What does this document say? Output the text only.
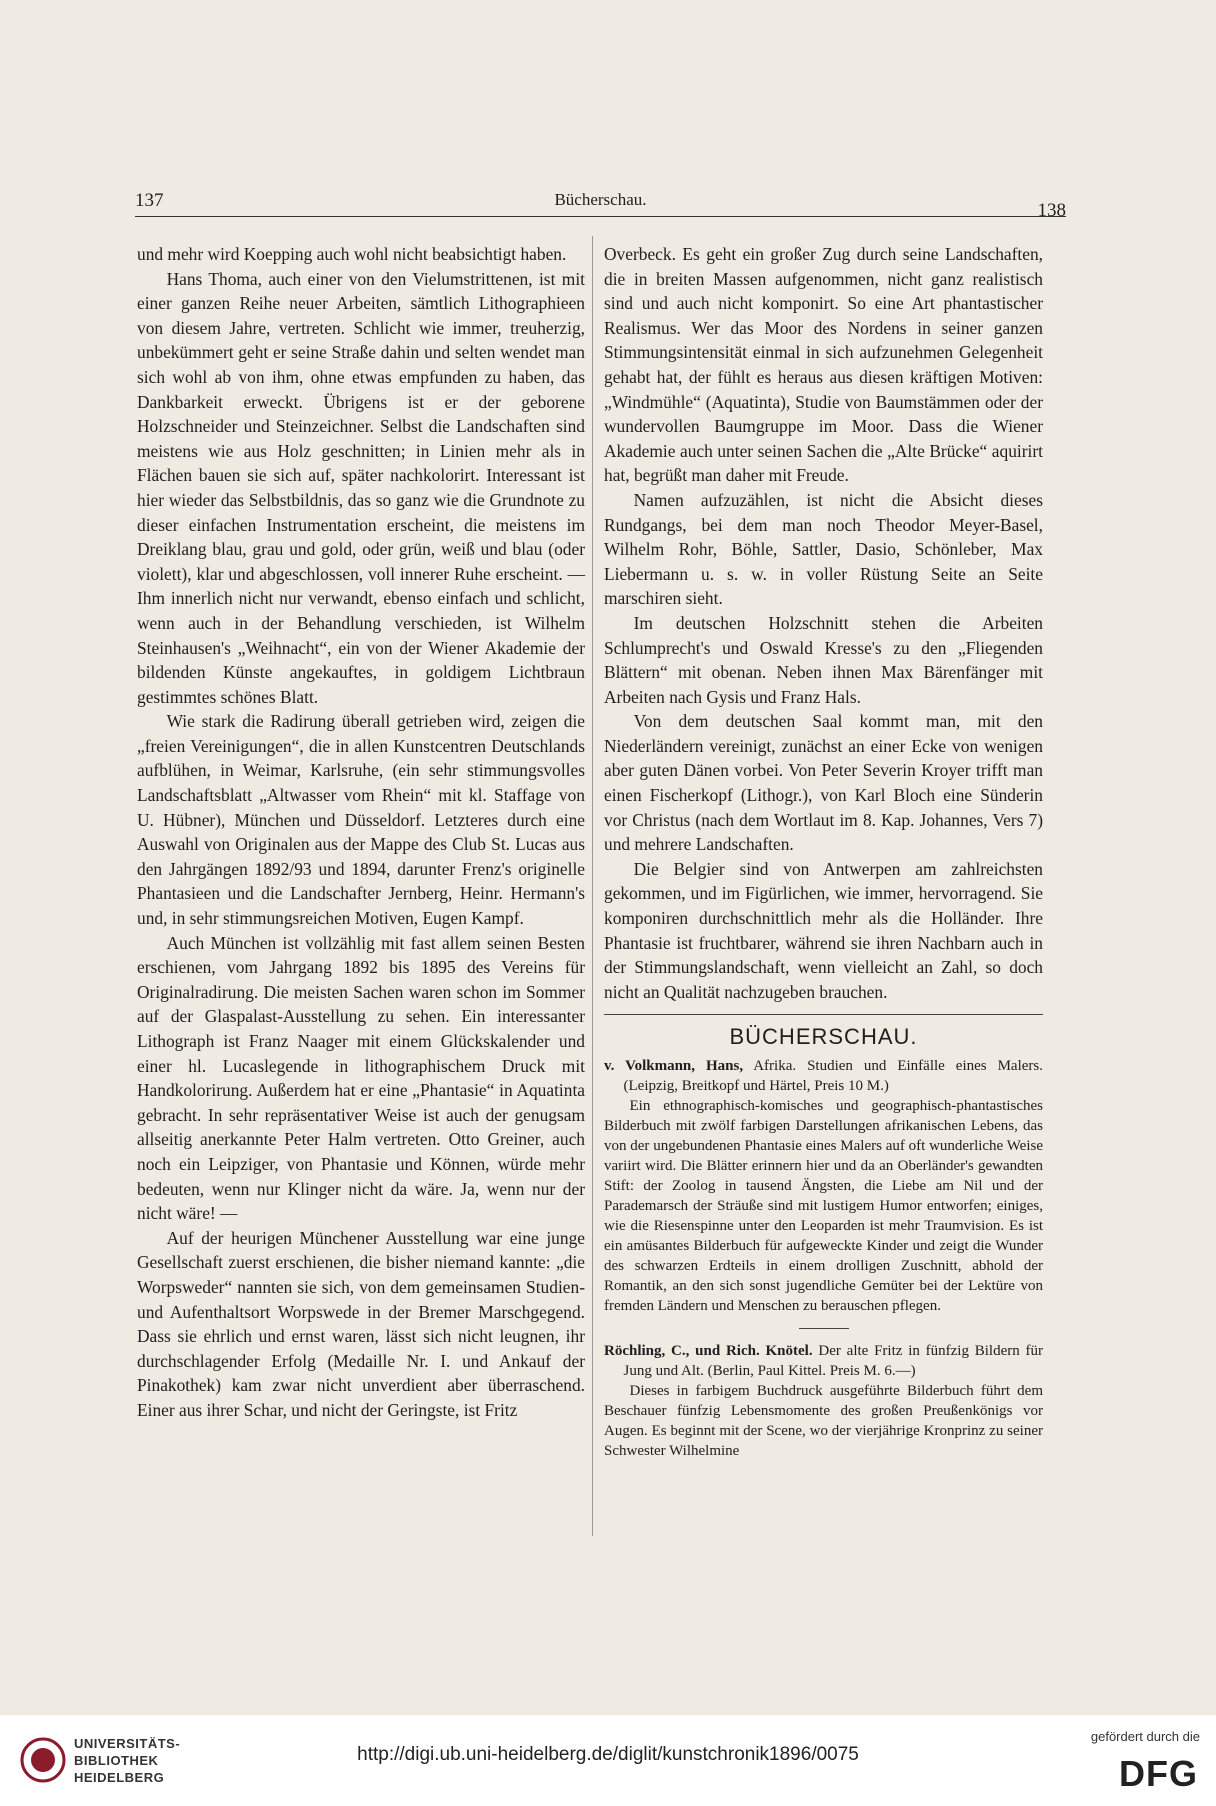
137	Bücherschau.
138

und mehr wird Koepping auch wohl nicht beabsichtigt haben.

Hans Thoma, auch einer von den Vielumstrittenen, ist mit einer ganzen Reihe neuer Arbeiten, sämtlich Lithographieen von diesem Jahre, vertreten. Schlicht wie immer, treuherzig, unbekümmert geht er seine Straße dahin und selten wendet man sich wohl ab von ihm, ohne etwas empfunden zu haben, das Dankbarkeit erweckt. Übrigens ist er der geborene Holzschneider und Steinzeichner. Selbst die Landschaften sind meistens wie aus Holz geschnitten; in Linien mehr als in Flächen bauen sie sich auf, später nachkolorirt. Interessant ist hier wieder das Selbstbildnis, das so ganz wie die Grundnote zu dieser einfachen Instrumentation erscheint, die meistens im Dreiklang blau, grau und gold, oder grün, weiß und blau (oder violett), klar und abgeschlossen, voll innerer Ruhe erscheint. — Ihm innerlich nicht nur verwandt, ebenso einfach und schlicht, wenn auch in der Behandlung verschieden, ist Wilhelm Steinhausen's „Weihnacht“, ein von der Wiener Akademie der bildenden Künste angekauftes, in goldigem Lichtbraun gestimmtes schönes Blatt.

Wie stark die Radirung überall getrieben wird, zeigen die „freien Vereinigungen“, die in allen Kunstcentren Deutschlands aufblühen, in Weimar, Karlsruhe, (ein sehr stimmungsvolles Landschaftsblatt „Altwasser vom Rhein“ mit kl. Staffage von U. Hübner), München und Düsseldorf. Letzteres durch eine Auswahl von Originalen aus der Mappe des Club St. Lucas aus den Jahrgängen 1892/93 und 1894, darunter Frenz's originelle Phantasieen und die Landschafter Jernberg, Heinr. Hermann's und, in sehr stimmungsreichen Motiven, Eugen Kampf.

Auch München ist vollzählig mit fast allem seinen Besten erschienen, vom Jahrgang 1892 bis 1895 des Vereins für Originalradirung. Die meisten Sachen waren schon im Sommer auf der Glaspalast-Ausstellung zu sehen. Ein interessanter Lithograph ist Franz Naager mit einem Glückskalender und einer hl. Lucaslegende in lithographischem Druck mit Handkolorirung. Außerdem hat er eine „Phantasie“ in Aquatinta gebracht. In sehr repräsentativer Weise ist auch der genugsam allseitig anerkannte Peter Halm vertreten. Otto Greiner, auch noch ein Leipziger, von Phantasie und Können, würde mehr bedeuten, wenn nur Klinger nicht da wäre. Ja, wenn nur der nicht wäre! —

Auf der heurigen Münchener Ausstellung war eine junge Gesellschaft zuerst erschienen, die bisher niemand kannte: „die Worpsweder“ nannten sie sich, von dem gemeinsamen Studien- und Aufenthaltsort Worpswede in der Bremer Marschgegend. Dass sie ehrlich und ernst waren, lässt sich nicht leugnen, ihr durchschlagender Erfolg (Medaille Nr. I. und Ankauf der Pinakothek) kam zwar nicht unverdient aber überraschend. Einer aus ihrer Schar, und nicht der Geringste, ist Fritz

Overbeck. Es geht ein großer Zug durch seine Landschaften, die in breiten Massen aufgenommen, nicht ganz realistisch sind und auch nicht komponirt. So eine Art phantastischer Realismus. Wer das Moor des Nordens in seiner ganzen Stimmungsintensität einmal in sich aufzunehmen Gelegenheit gehabt hat, der fühlt es heraus aus diesen kräftigen Motiven: „Windmühle“ (Aquatinta), Studie von Baumstämmen oder der wundervollen Baumgruppe im Moor. Dass die Wiener Akademie auch unter seinen Sachen die „Alte Brücke“ aquirirt hat, begrüßt man daher mit Freude.

Namen aufzuzählen, ist nicht die Absicht dieses Rundgangs, bei dem man noch Theodor Meyer-Basel, Wilhelm Rohr, Böhle, Sattler, Dasio, Schönleber, Max Liebermann u. s. w. in voller Rüstung Seite an Seite marschiren sieht.

Im deutschen Holzschnitt stehen die Arbeiten Schlumprecht's und Oswald Kresse's zu den „Fliegenden Blättern“ mit obenan. Neben ihnen Max Bärenfänger mit Arbeiten nach Gysis und Franz Hals.

Von dem deutschen Saal kommt man, mit den Niederländern vereinigt, zunächst an einer Ecke von wenigen aber guten Dänen vorbei. Von Peter Severin Kroyer trifft man einen Fischerkopf (Lithogr.), von Karl Bloch eine Sünderin vor Christus (nach dem Wortlaut im 8. Kap. Johannes, Vers 7) und mehrere Landschaften.

Die Belgier sind von Antwerpen am zahlreichsten gekommen, und im Figürlichen, wie immer, hervorragend. Sie komponiren durchschnittlich mehr als die Holländer. Ihre Phantasie ist fruchtbarer, während sie ihren Nachbarn auch in der Stimmungslandschaft, wenn vielleicht an Zahl, so doch nicht an Qualität nachzugeben brauchen.

BÜCHERSCHAU.

v. Volkmann, Hans, Afrika. Studien und Einfälle eines Malers. (Leipzig, Breitkopf und Härtel, Preis 10 M.)

Ein ethnographisch-komisches und geographisch-phantastisches Bilderbuch mit zwölf farbigen Darstellungen afrikanischen Lebens, das von der ungebundenen Phantasie eines Malers auf oft wunderliche Weise variirt wird. Die Blätter erinnern hier und da an Oberländer's gewandten Stift: der Zoolog in tausend Ängsten, die Liebe am Nil und der Parademarsch der Sträuße sind mit lustigem Humor entworfen; einiges, wie die Riesenspinne unter den Leoparden ist mehr Traumvision. Es ist ein amüsantes Bilderbuch für aufgeweckte Kinder und zeigt die Wunder des schwarzen Erdteils in einem drolligen Zuschnitt, abhold der Romantik, an den sich sonst jugendliche Gemüter bei der Lektüre von fremden Ländern und Menschen zu berauschen pflegen.

Röchling, C., und Rich. Knötel. Der alte Fritz in fünfzig Bildern für Jung und Alt. (Berlin, Paul Kittel. Preis M. 6.—)

Dieses in farbigem Buchdruck ausgeführte Bilderbuch führt dem Beschauer fünfzig Lebensmomente des großen Preußenkönigs vor Augen. Es beginnt mit der Scene, wo der vierjährige Kronprinz zu seiner Schwester Wilhelmine

UNIVERSITÄTS-
BIBLIOTHEK
HEIDELBERG
http://digi.ub.uni-heidelberg.de/diglit/kunstchronik1896/0075
gefördert durch die
DFG
